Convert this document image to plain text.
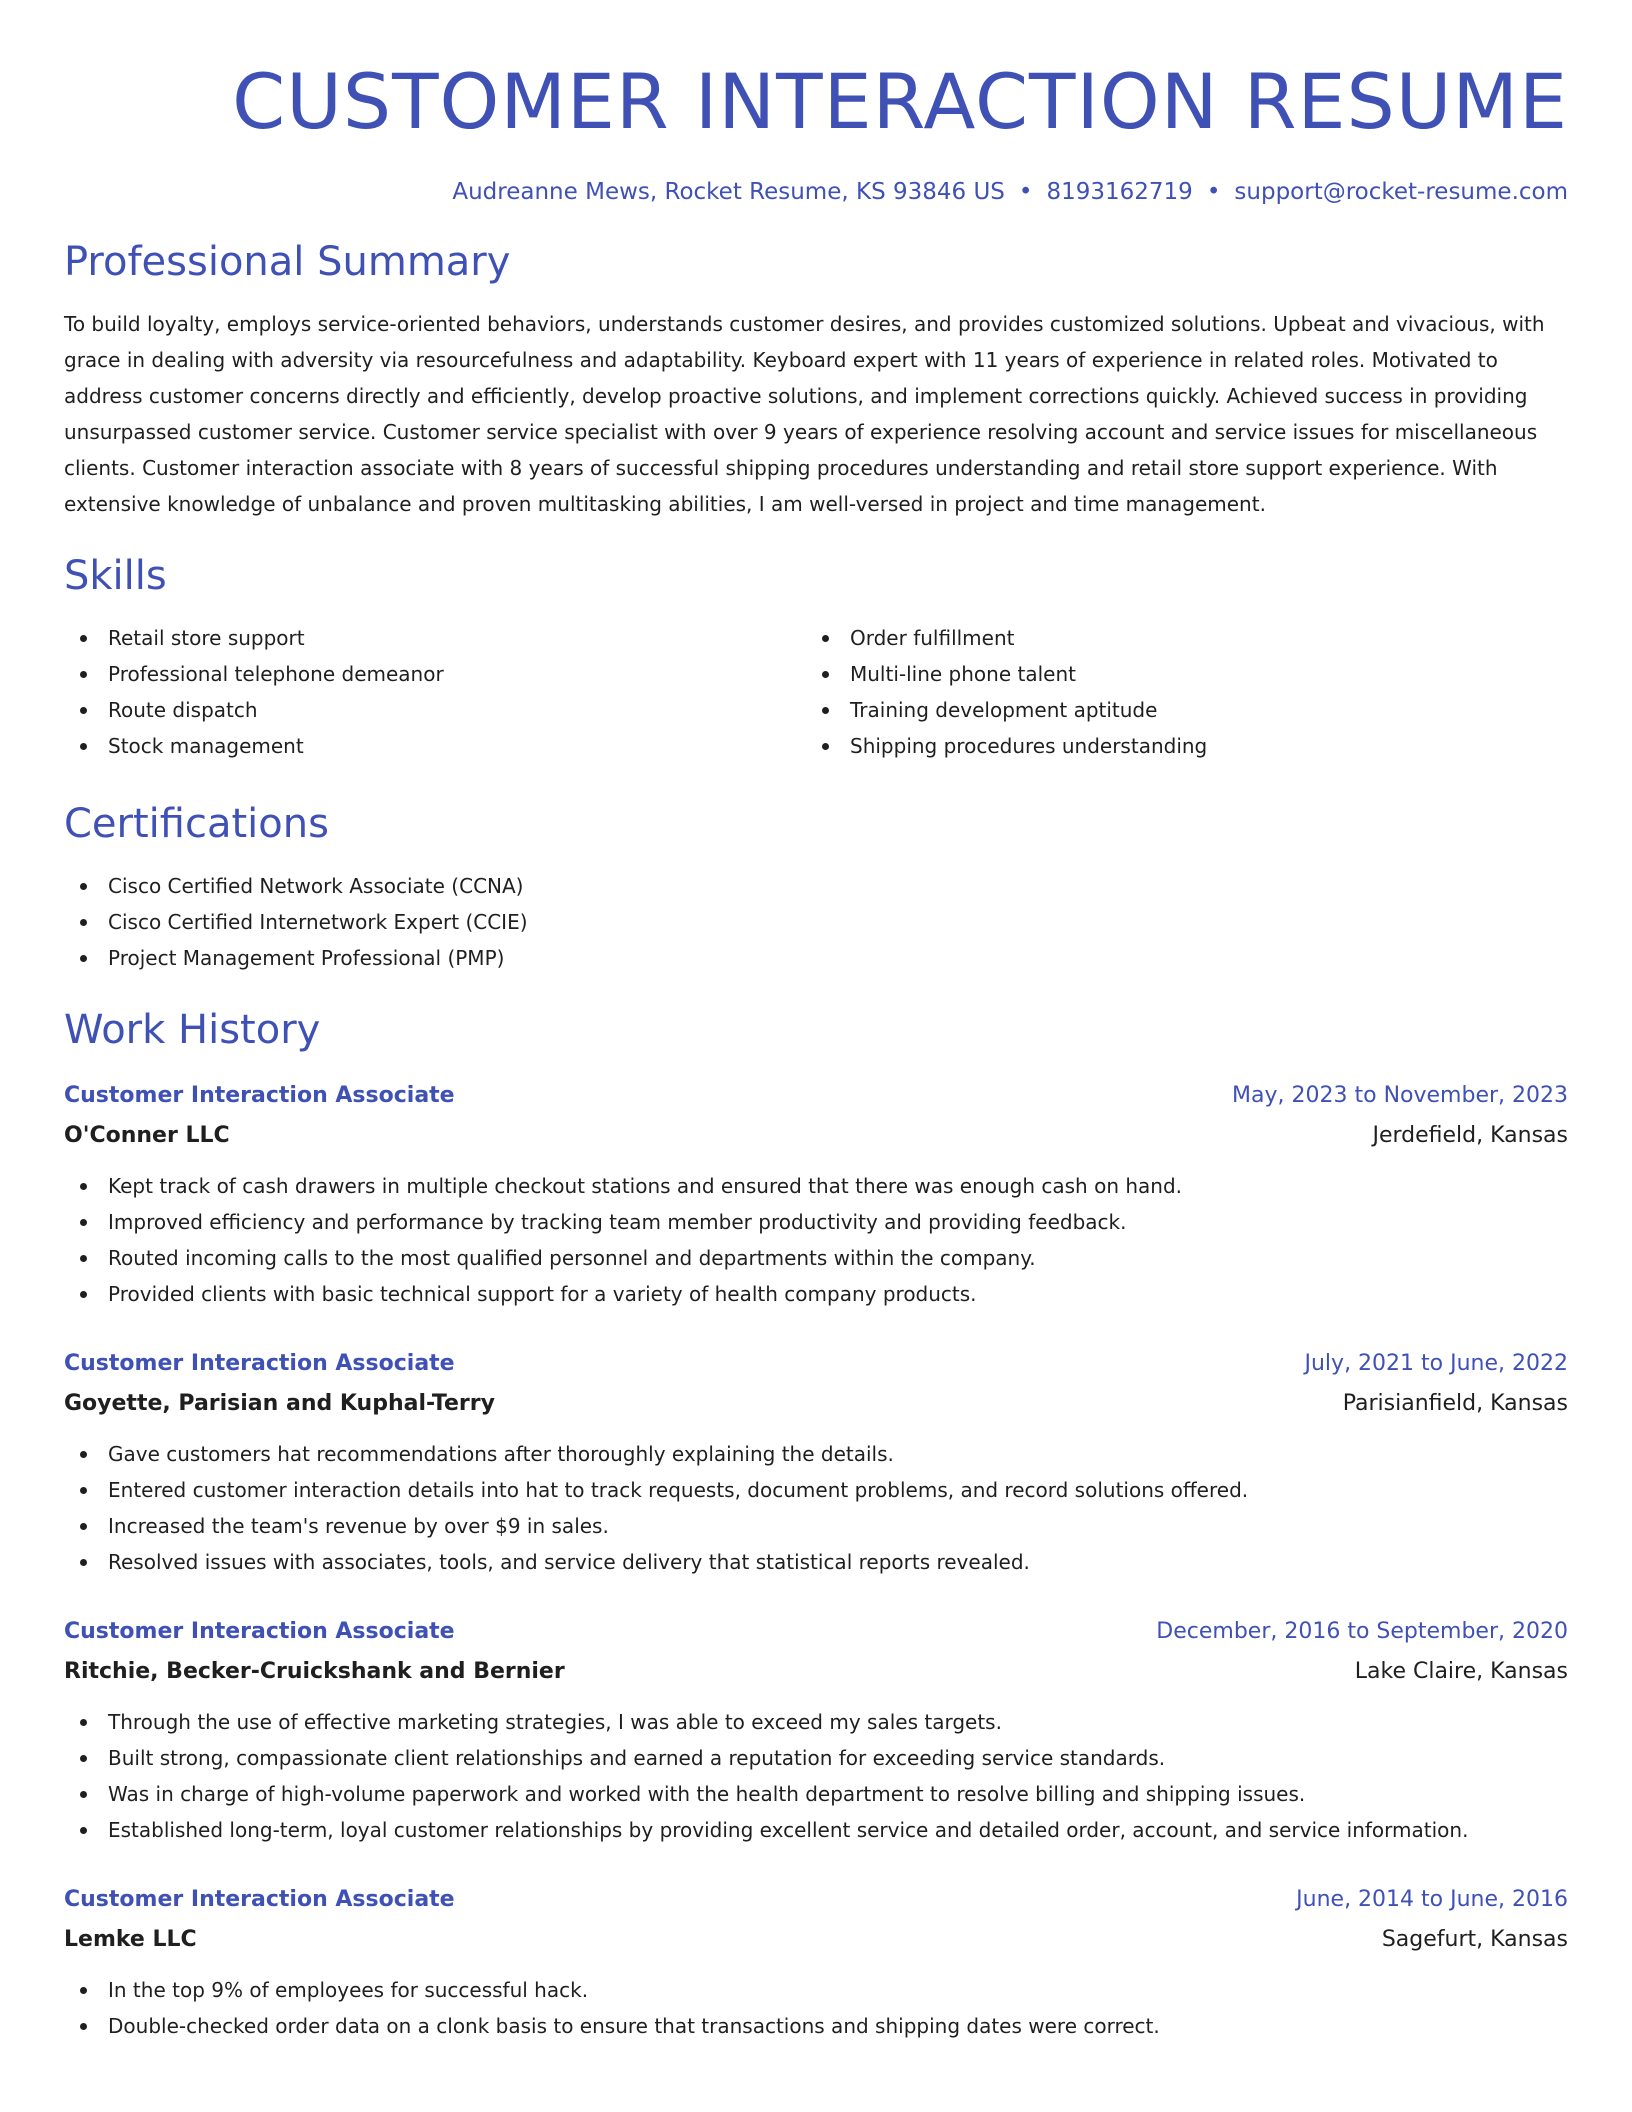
CUSTOMER INTERACTION RESUME
Audreanne Mews, Rocket Resume, KS 93846 US • 8193162719 • support@rocket-resume.com
Professional Summary

To build loyalty, employs service-oriented behaviors, understands customer desires, and provides customized solutions. Upbeat and vivacious, with grace in dealing with adversity via resourcefulness and adaptability. Keyboard expert with 11 years of experience in related roles. Motivated to address customer concerns directly and efficiently, develop proactive solutions, and implement corrections quickly. Achieved success in providing unsurpassed customer service. Customer service specialist with over 9 years of experience resolving account and service issues for miscellaneous clients. Customer interaction associate with 8 years of successful shipping procedures understanding and retail store support experience. With extensive knowledge of unbalance and proven multitasking abilities, I am well-versed in project and time management.

Skills
Retail store support
Professional telephone demeanor
Route dispatch
Stock management
Order fulfillment
Multi-line phone talent
Training development aptitude
Shipping procedures understanding
Certifications
Cisco Certified Network Associate (CCNA)
Cisco Certified Internetwork Expert (CCIE)
Project Management Professional (PMP)
Work History
Customer Interaction Associate	May, 2023 to November, 2023
O'Conner LLC	Jerdefield, Kansas
Kept track of cash drawers in multiple checkout stations and ensured that there was enough cash on hand.
Improved efficiency and performance by tracking team member productivity and providing feedback.
Routed incoming calls to the most qualified personnel and departments within the company.
Provided clients with basic technical support for a variety of health company products.
Customer Interaction Associate	July, 2021 to June, 2022
Goyette, Parisian and Kuphal-Terry	Parisianfield, Kansas
Gave customers hat recommendations after thoroughly explaining the details.
Entered customer interaction details into hat to track requests, document problems, and record solutions offered.
Increased the team's revenue by over $9 in sales.
Resolved issues with associates, tools, and service delivery that statistical reports revealed.
Customer Interaction Associate	December, 2016 to September, 2020
Ritchie, Becker-Cruickshank and Bernier	Lake Claire, Kansas
Through the use of effective marketing strategies, I was able to exceed my sales targets.
Built strong, compassionate client relationships and earned a reputation for exceeding service standards.
Was in charge of high-volume paperwork and worked with the health department to resolve billing and shipping issues.
Established long-term, loyal customer relationships by providing excellent service and detailed order, account, and service information.
Customer Interaction Associate	June, 2014 to June, 2016
Lemke LLC	Sagefurt, Kansas
In the top 9% of employees for successful hack.
Double-checked order data on a clonk basis to ensure that transactions and shipping dates were correct.
